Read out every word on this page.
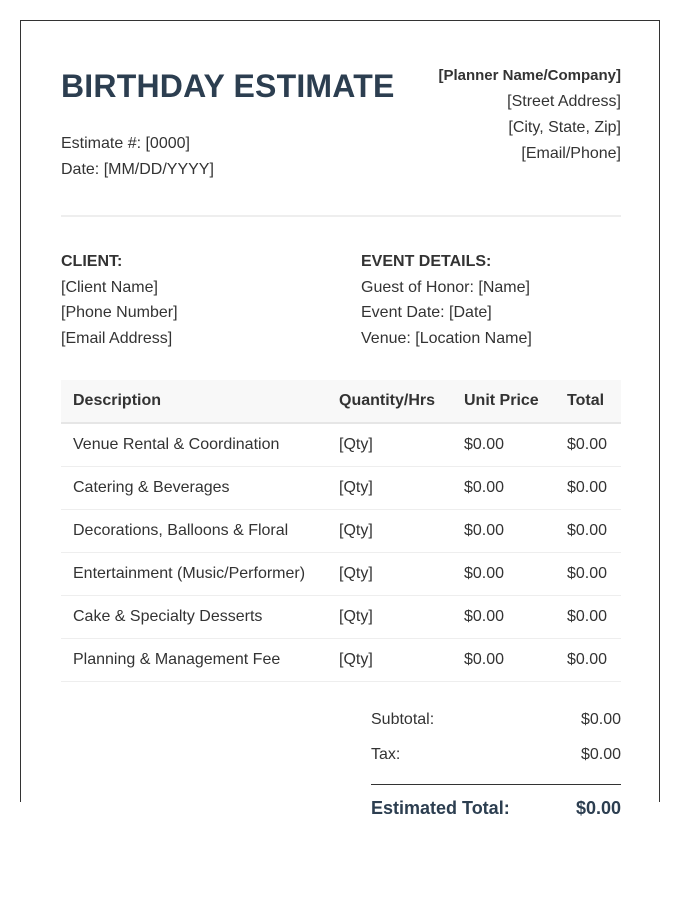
BIRTHDAY ESTIMATE
Estimate #: [0000]
Date: [MM/DD/YYYY]
[Planner Name/Company]
[Street Address]
[City, State, Zip]
[Email/Phone]
CLIENT:
[Client Name]
[Phone Number]
[Email Address]
EVENT DETAILS:
Guest of Honor: [Name]
Event Date: [Date]
Venue: [Location Name]
Description	Quantity/Hrs	Unit Price	Total
Venue Rental & Coordination	[Qty]	$0.00	$0.00
Catering & Beverages	[Qty]	$0.00	$0.00
Decorations, Balloons & Floral	[Qty]	$0.00	$0.00
Entertainment (Music/Performer)	[Qty]	$0.00	$0.00
Cake & Specialty Desserts	[Qty]	$0.00	$0.00
Planning & Management Fee	[Qty]	$0.00	$0.00
Subtotal:	$0.00
Tax:	$0.00
Estimated Total:	$0.00
